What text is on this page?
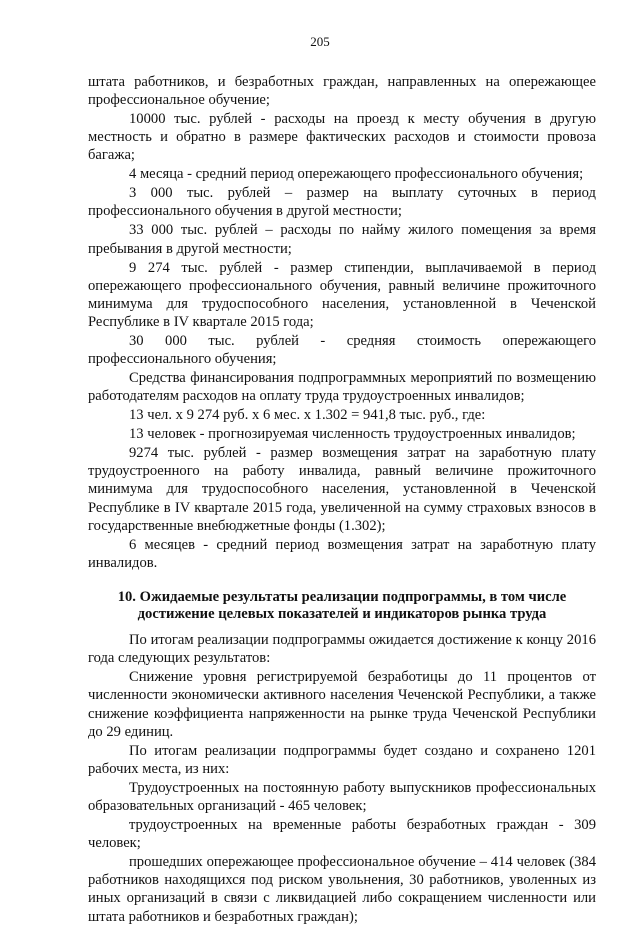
205

штата работников, и безработных граждан, направленных на опережающее профессиональное обучение;

10000 тыс. рублей - расходы на проезд к месту обучения в другую местность и обратно в размере фактических расходов и стоимости провоза багажа;

4 месяца - средний период опережающего профессионального обучения;

3 000 тыс. рублей – размер на выплату суточных в период профессионального обучения в другой местности;

33 000 тыс. рублей – расходы по найму жилого помещения за время пребывания в другой местности;

9 274 тыс. рублей - размер стипендии, выплачиваемой в период опережающего профессионального обучения, равный величине прожиточного минимума для трудоспособного населения, установленной в Чеченской Республике в IV квартале 2015 года;

30 000 тыс. рублей - средняя стоимость опережающего профессионального обучения;

Средства финансирования подпрограммных мероприятий по возмещению работодателям расходов на оплату труда трудоустроенных инвалидов;

13 чел. х 9 274 руб. х 6 мес. х 1.302 = 941,8 тыс. руб., где:

13 человек - прогнозируемая численность трудоустроенных инвалидов;

9274 тыс. рублей - размер возмещения затрат на заработную плату трудоустроенного на работу инвалида, равный величине прожиточного минимума для трудоспособного населения, установленной в Чеченской Республике в IV квартале 2015 года, увеличенной на сумму страховых взносов в государственные внебюджетные фонды (1.302);

6 месяцев - средний период возмещения затрат на заработную плату инвалидов.

10. Ожидаемые результаты реализации подпрограммы, в том числе
достижение целевых показателей и индикаторов рынка труда

По итогам реализации подпрограммы ожидается достижение к концу 2016 года следующих результатов:

Снижение уровня регистрируемой безработицы до 11 процентов от численности экономически активного населения Чеченской Республики, а также снижение коэффициента напряженности на рынке труда Чеченской Республики до 29 единиц.

По итогам реализации подпрограммы будет создано и сохранено 1201 рабочих места, из них:

Трудоустроенных на постоянную работу выпускников профессиональных образовательных организаций - 465 человек;

трудоустроенных на временные работы безработных граждан - 309 человек;

прошедших опережающее профессиональное обучение – 414 человек (384 работников находящихся под риском увольнения, 30 работников, уволенных из иных организаций в связи с ликвидацией либо сокращением численности или штата работников и безработных граждан);
